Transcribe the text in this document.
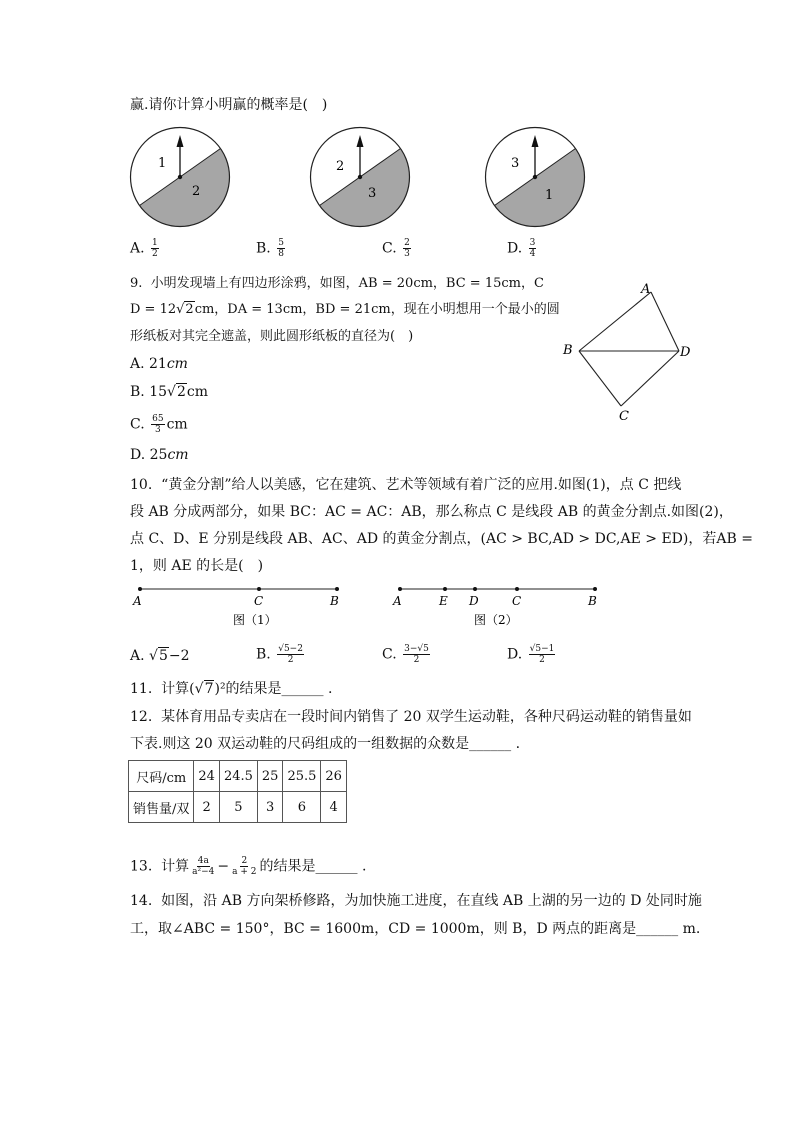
赢.请你计算小明赢的概率是(　)
1
2
2
3
3
1
A. $\frac{1}{2}$	B. $\frac{5}{8}$	C. $\frac{2}{3}$	D. $\frac{3}{4}$
9. 小明发现墙上有四边形涂鸦，如图，AB = 20cm，BC = 15cm，C
D = 12√2cm，DA = 13cm，BD = 21cm，现在小明想用一个最小的圆
形纸板对其完全遮盖，则此圆形纸板的直径为(　)
A. 21cm
B. 15√2cm
C. $\frac{65}{3}$ cm
D. 25cm
A
B	D
C
10. “黄金分割”给人以美感，它在建筑、艺术等领域有着广泛的应用.如图(1)，点 C 把线
段 AB 分成两部分，如果 BC：AC = AC：AB，那么称点 C 是线段 AB 的黄金分割点.如图(2)，
点 C、D、E 分别是线段 AB、AC、AD 的黄金分割点，(AC > BC,AD > DC,AE > ED)，若AB =
1，则 AE 的长是(　)
A	C	B
图（1）
A	E D	C	B
图（2）
A. √5−2	B. $\frac{√5-2}{2}$	C. $\frac{3-√5}{2}$	D. $\frac{√5-1}{2}$
11. 计算(√7)²的结果是______ .
12. 某体育用品专卖店在一段时间内销售了 20 双学生运动鞋，各种尺码运动鞋的销售量如
下表.则这 20 双运动鞋的尺码组成的一组数据的众数是______ .
尺码/cm	24	24.5	25	25.5	26
销售量/双	2	5	3	6	4
13. 计算 $\frac{4a}{\text{a²−4}} - \frac{2}{a + 2}$ 的结果是______ .
14. 如图，沿 AB 方向架桥修路，为加快施工进度，在直线 AB 上湖的另一边的 D 处同时施
工，取∠ABC = 150°，BC = 1600m，CD = 1000m，则 B，D 两点的距离是______ m.
